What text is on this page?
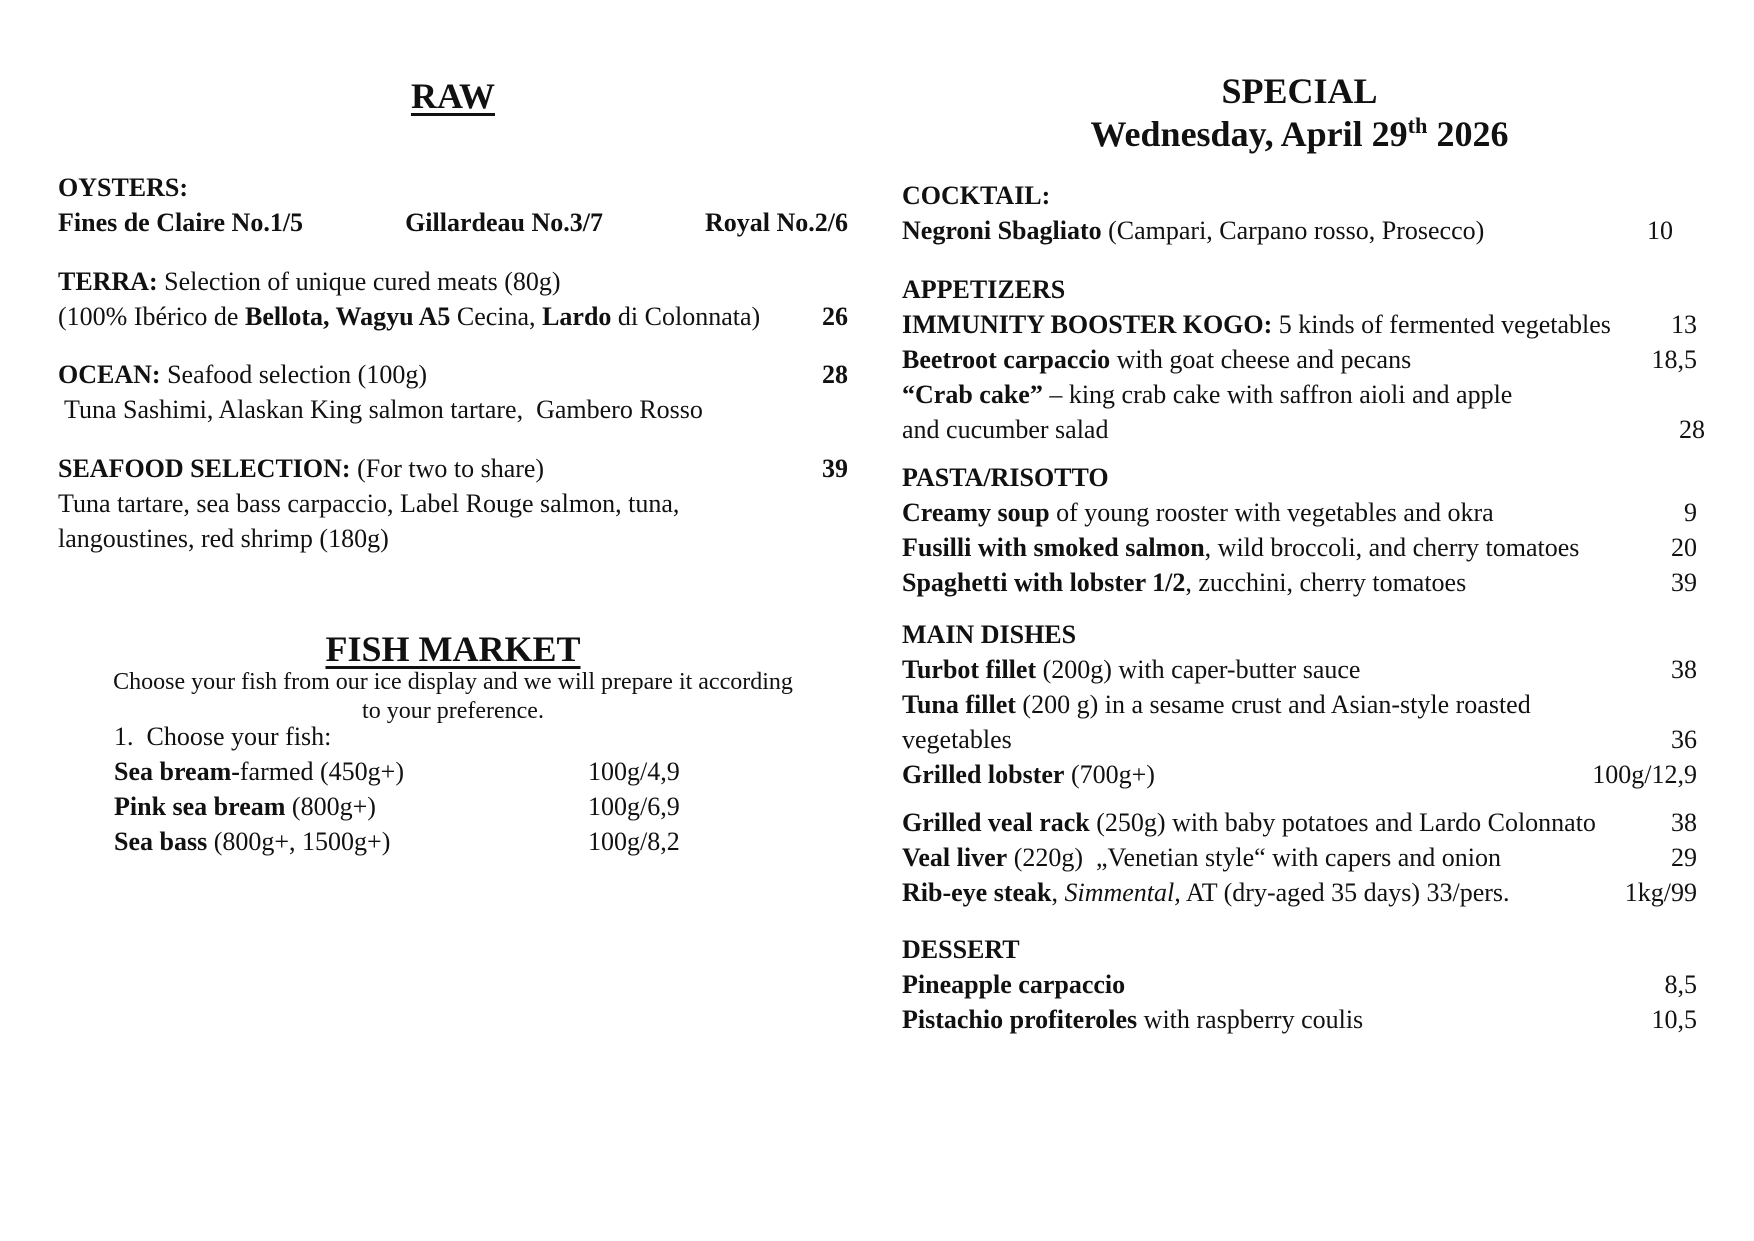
RAW
OYSTERS:
Fines de Claire No.1/5	Gillardeau No.3/7	Royal No.2/6
TERRA: Selection of unique cured meats (80g)
(100% Ibérico de Bellota, Wagyu A5 Cecina, Lardo di Colonnata) 26
OCEAN: Seafood selection (100g)	28
Tuna Sashimi, Alaskan King salmon tartare,  Gambero Rosso
SEAFOOD SELECTION: (For two to share)	39
Tuna tartare, sea bass carpaccio, Label Rouge salmon, tuna,
langoustines, red shrimp (180g)
FISH MARKET
Choose your fish from our ice display and we will prepare it according
to your preference.
1.  Choose your fish:
Sea bream-farmed (450g+)	100g/4,9
Pink sea bream (800g+)	100g/6,9
Sea bass (800g+, 1500g+)	100g/8,2
SPECIAL
Wednesday, April 29th 2026
COCKTAIL:
Negroni Sbagliato (Campari, Carpano rosso, Prosecco)	10
APPETIZERS
IMMUNITY BOOSTER KOGO: 5 kinds of fermented vegetables 13
Beetroot carpaccio with goat cheese and pecans	18,5
“Crab cake” – king crab cake with saffron aioli and apple
and cucumber salad	28
PASTA/RISOTTO
Creamy soup of young rooster with vegetables and okra	9
Fusilli with smoked salmon, wild broccoli, and cherry tomatoes	20
Spaghetti with lobster 1/2, zucchini, cherry tomatoes	39
MAIN DISHES
Turbot fillet (200g) with caper-butter sauce	38
Tuna fillet (200 g) in a sesame crust and Asian-style roasted
vegetables	36
Grilled lobster (700g+)	100g/12,9
Grilled veal rack (250g) with baby potatoes and Lardo Colonnato	38
Veal liver (220g)  „Venetian style“ with capers and onion	29
Rib-eye steak, Simmental, AT (dry-aged 35 days) 33/pers.	1kg/99
DESSERT
Pineapple carpaccio	8,5
Pistachio profiteroles with raspberry coulis	10,5
